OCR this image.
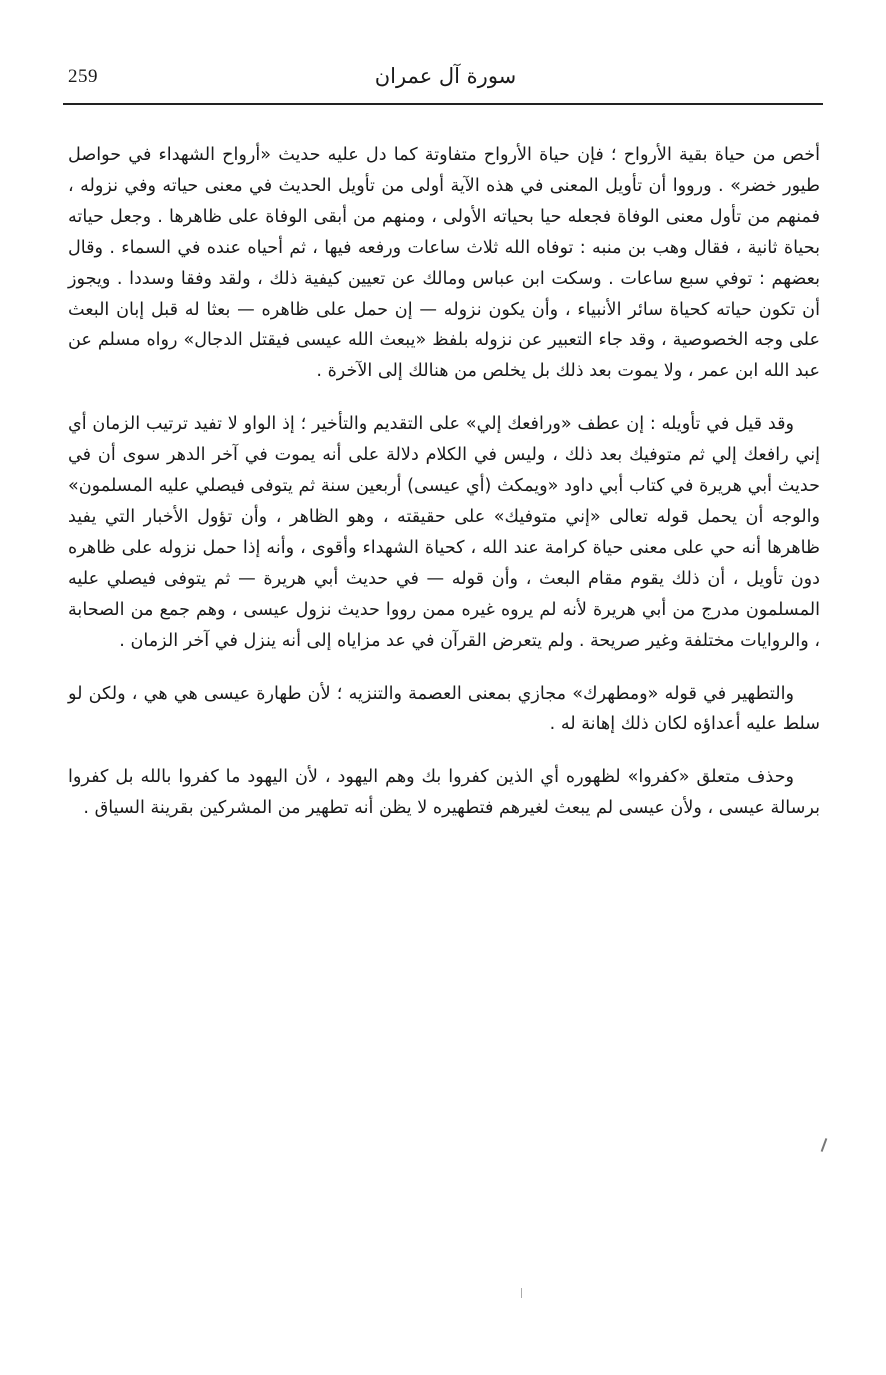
259	سورة آل عمران

أخص من حياة بقية الأرواح ؛ فإن حياة الأرواح متفاوتة كما دل عليه حديث «أرواح الشهداء في حواصل طيور خضر» . ورووا أن تأويل المعنى في هذه الآية أولى من تأويل الحديث في معنى حياته وفي نزوله ، فمنهم من تأول معنى الوفاة فجعله حيا بحياته الأولى ، ومنهم من أبقى الوفاة على ظاهرها . وجعل حياته بحياة ثانية ، فقال وهب بن منبه : توفاه الله ثلاث ساعات ورفعه فيها ، ثم أحياه عنده في السماء . وقال بعضهم : توفي سبع ساعات . وسكت ابن عباس ومالك عن تعيين كيفية ذلك ، ولقد وفقا وسددا . ويجوز أن تكون حياته كحياة سائر الأنبياء ، وأن يكون نزوله — إن حمل على ظاهره — بعثا له قبل إبان البعث على وجه الخصوصية ، وقد جاء التعبير عن نزوله بلفظ «يبعث الله عيسى فيقتل الدجال» رواه مسلم عن عبد الله ابن عمر ، ولا يموت بعد ذلك بل يخلص من هنالك إلى الآخرة .

وقد قيل في تأويله : إن عطف «ورافعك إلي» على التقديم والتأخير ؛ إذ الواو لا تفيد ترتيب الزمان أي إني رافعك إلي ثم متوفيك بعد ذلك ، وليس في الكلام دلالة على أنه يموت في آخر الدهر سوى أن في حديث أبي هريرة في كتاب أبي داود «ويمكث (أي عيسى) أربعين سنة ثم يتوفى فيصلي عليه المسلمون» والوجه أن يحمل قوله تعالى «إني متوفيك» على حقيقته ، وهو الظاهر ، وأن تؤول الأخبار التي يفيد ظاهرها أنه حي على معنى حياة كرامة عند الله ، كحياة الشهداء وأقوى ، وأنه إذا حمل نزوله على ظاهره دون تأويل ، أن ذلك يقوم مقام البعث ، وأن قوله — في حديث أبي هريرة — ثم يتوفى فيصلي عليه المسلمون مدرج من أبي هريرة لأنه لم يروه غيره ممن رووا حديث نزول عيسى ، وهم جمع من الصحابة ، والروايات مختلفة وغير صريحة . ولم يتعرض القرآن في عد مزاياه إلى أنه ينزل في آخر الزمان .

والتطهير في قوله «ومطهرك» مجازي بمعنى العصمة والتنزيه ؛ لأن طهارة عيسى هي هي ، ولكن لو سلط عليه أعداؤه لكان ذلك إهانة له .

وحذف متعلق «كفروا» لظهوره أي الذين كفروا بك وهم اليهود ، لأن اليهود ما كفروا بالله بل كفروا برسالة عيسى ، ولأن عيسى لم يبعث لغيرهم فتطهيره لا يظن أنه تطهير من المشركين بقرينة السياق .
